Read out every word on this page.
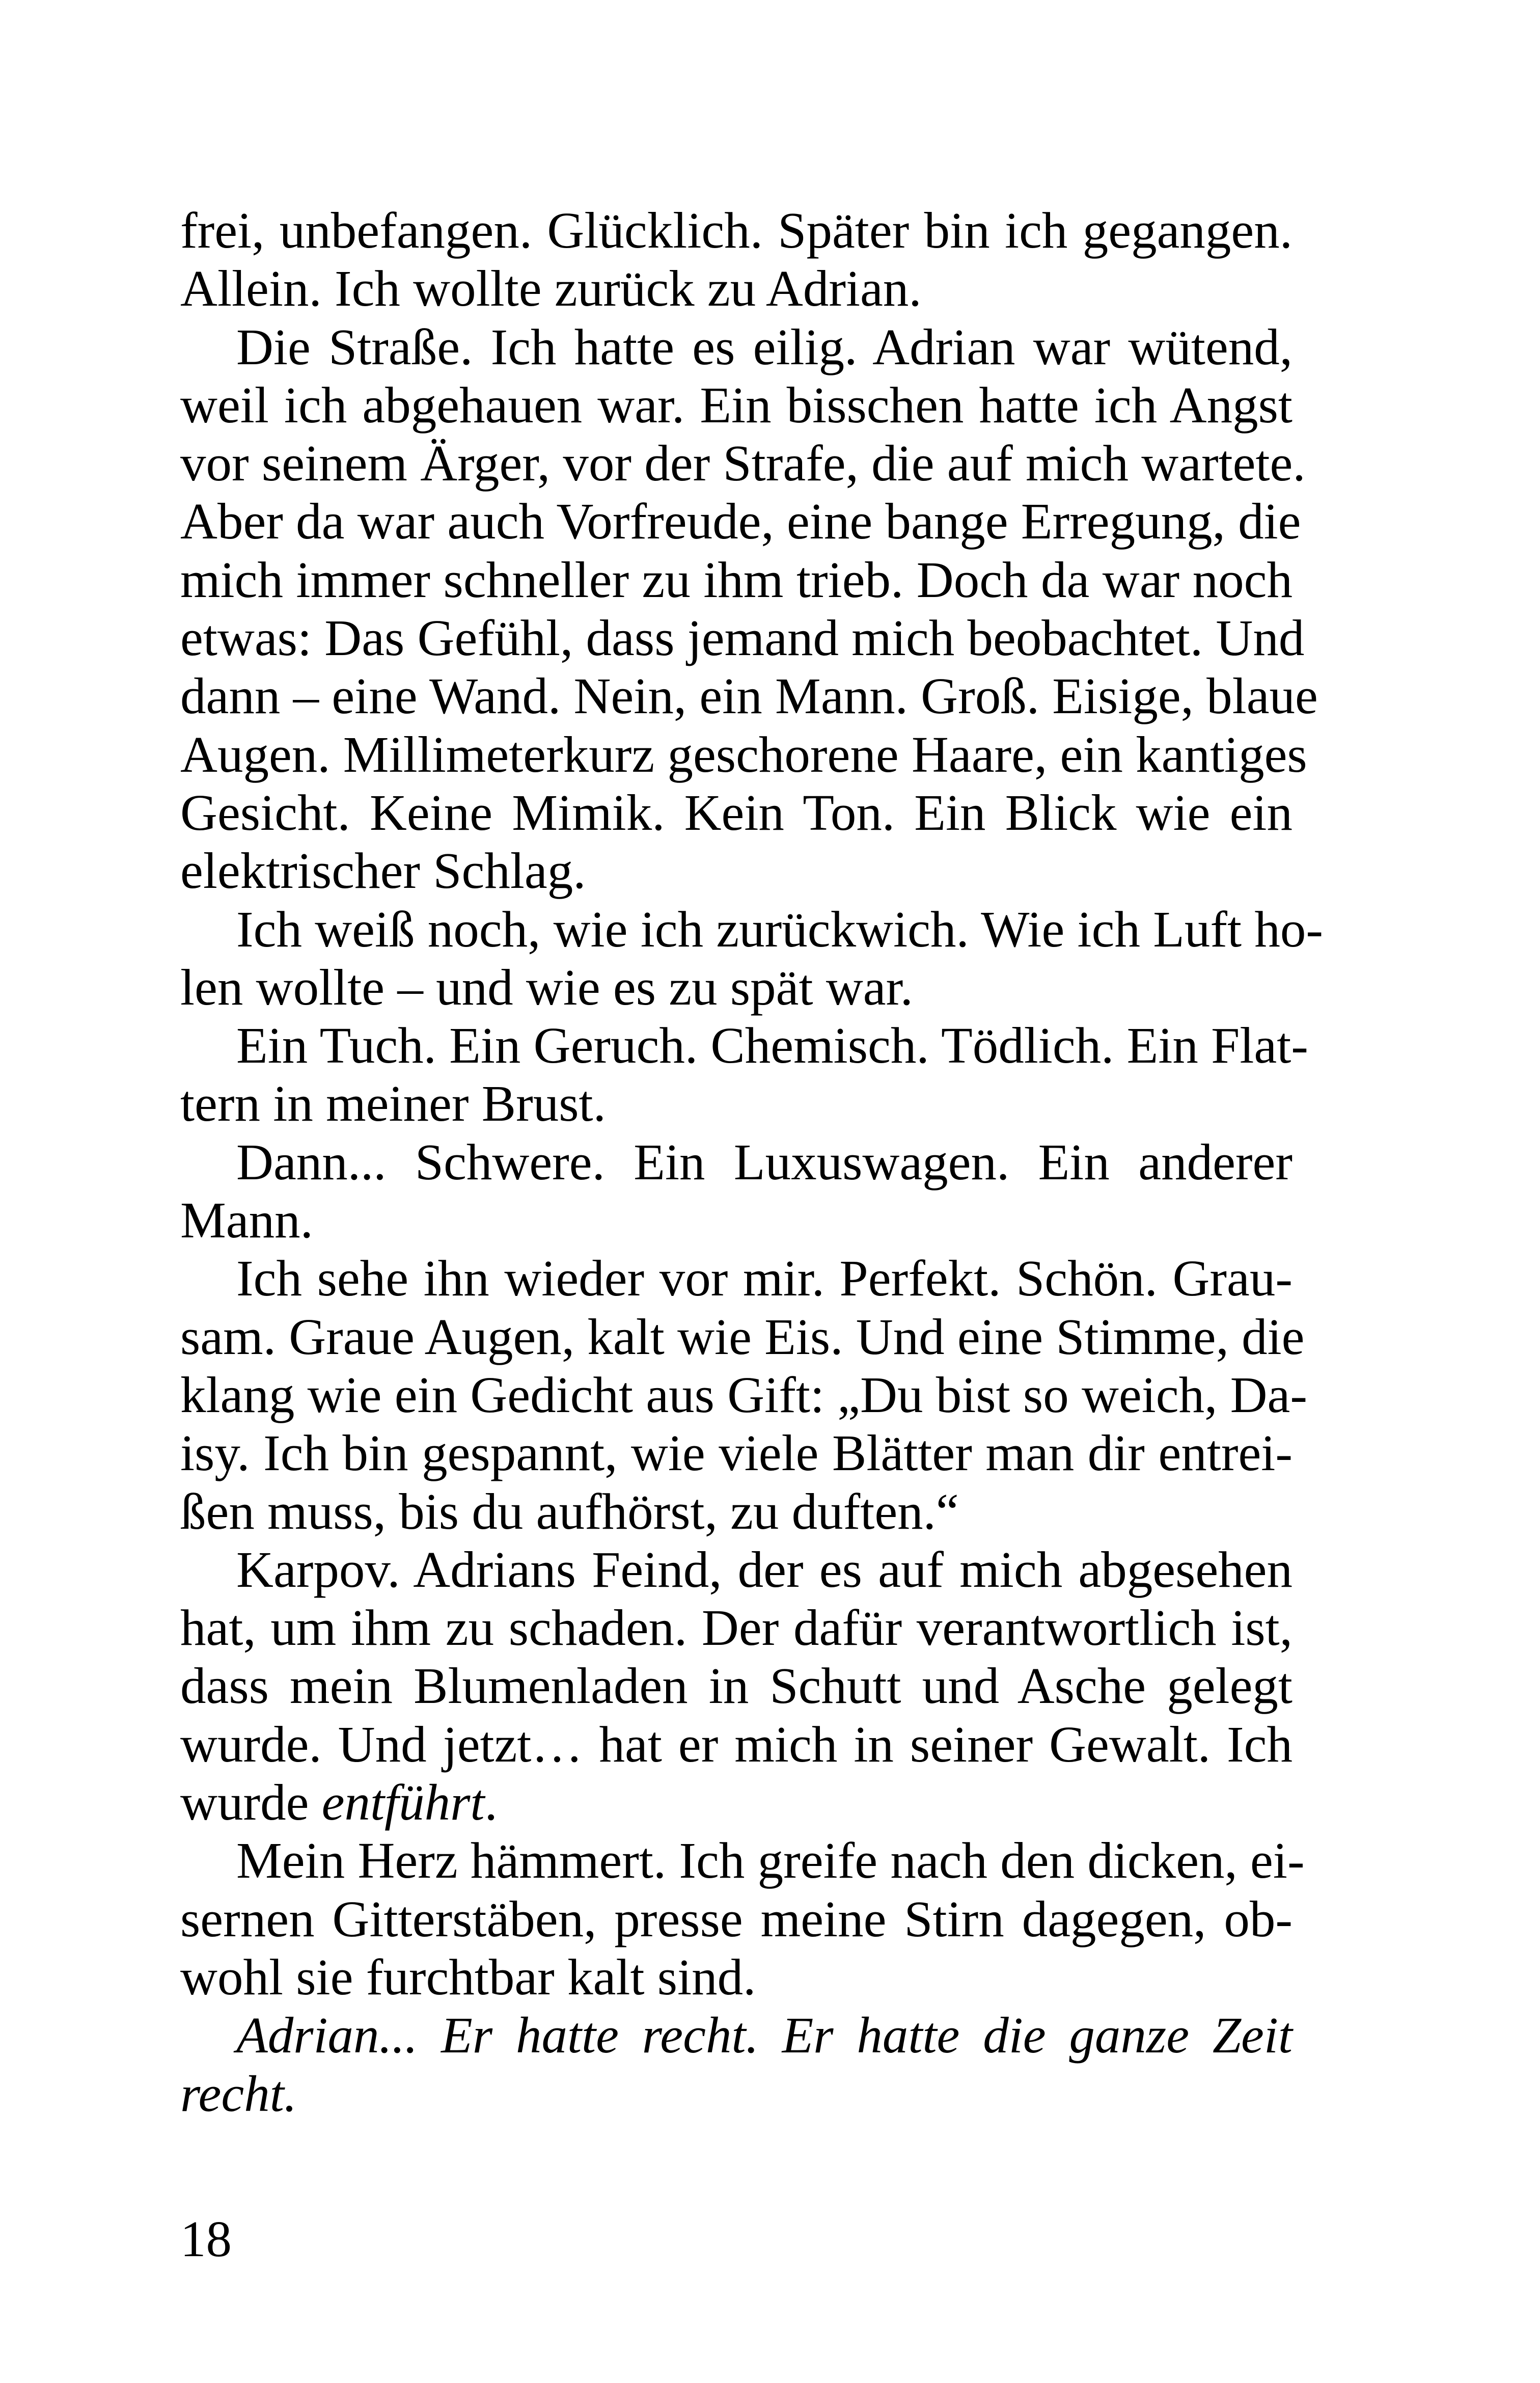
frei, unbefangen. Glücklich. Später bin ich gegangen.
Allein. Ich wollte zurück zu Adrian.
Die Straße. Ich hatte es eilig. Adrian war wütend,
weil ich abgehauen war. Ein bisschen hatte ich Angst
vor seinem Ärger, vor der Strafe, die auf mich wartete.
Aber da war auch Vorfreude, eine bange Erregung, die
mich immer schneller zu ihm trieb. Doch da war noch
etwas: Das Gefühl, dass jemand mich beobachtet. Und
dann – eine Wand. Nein, ein Mann. Groß. Eisige, blaue
Augen. Millimeterkurz geschorene Haare, ein kantiges
Gesicht. Keine Mimik. Kein Ton. Ein Blick wie ein
elektrischer Schlag.
Ich weiß noch, wie ich zurückwich. Wie ich Luft ho-
len wollte – und wie es zu spät war.
Ein Tuch. Ein Geruch. Chemisch. Tödlich. Ein Flat-
tern in meiner Brust.
Dann... Schwere. Ein Luxuswagen. Ein anderer
Mann.
Ich sehe ihn wieder vor mir. Perfekt. Schön. Grau-
sam. Graue Augen, kalt wie Eis. Und eine Stimme, die
klang wie ein Gedicht aus Gift: „Du bist so weich, Da-
isy. Ich bin gespannt, wie viele Blätter man dir entrei-
ßen muss, bis du aufhörst, zu duften.“
Karpov. Adrians Feind, der es auf mich abgesehen
hat, um ihm zu schaden. Der dafür verantwortlich ist,
dass mein Blumenladen in Schutt und Asche gelegt
wurde. Und jetzt… hat er mich in seiner Gewalt. Ich
wurde entführt.
Mein Herz hämmert. Ich greife nach den dicken, ei-
sernen Gitterstäben, presse meine Stirn dagegen, ob-
wohl sie furchtbar kalt sind.
Adrian... Er hatte recht. Er hatte die ganze Zeit
recht.
18
